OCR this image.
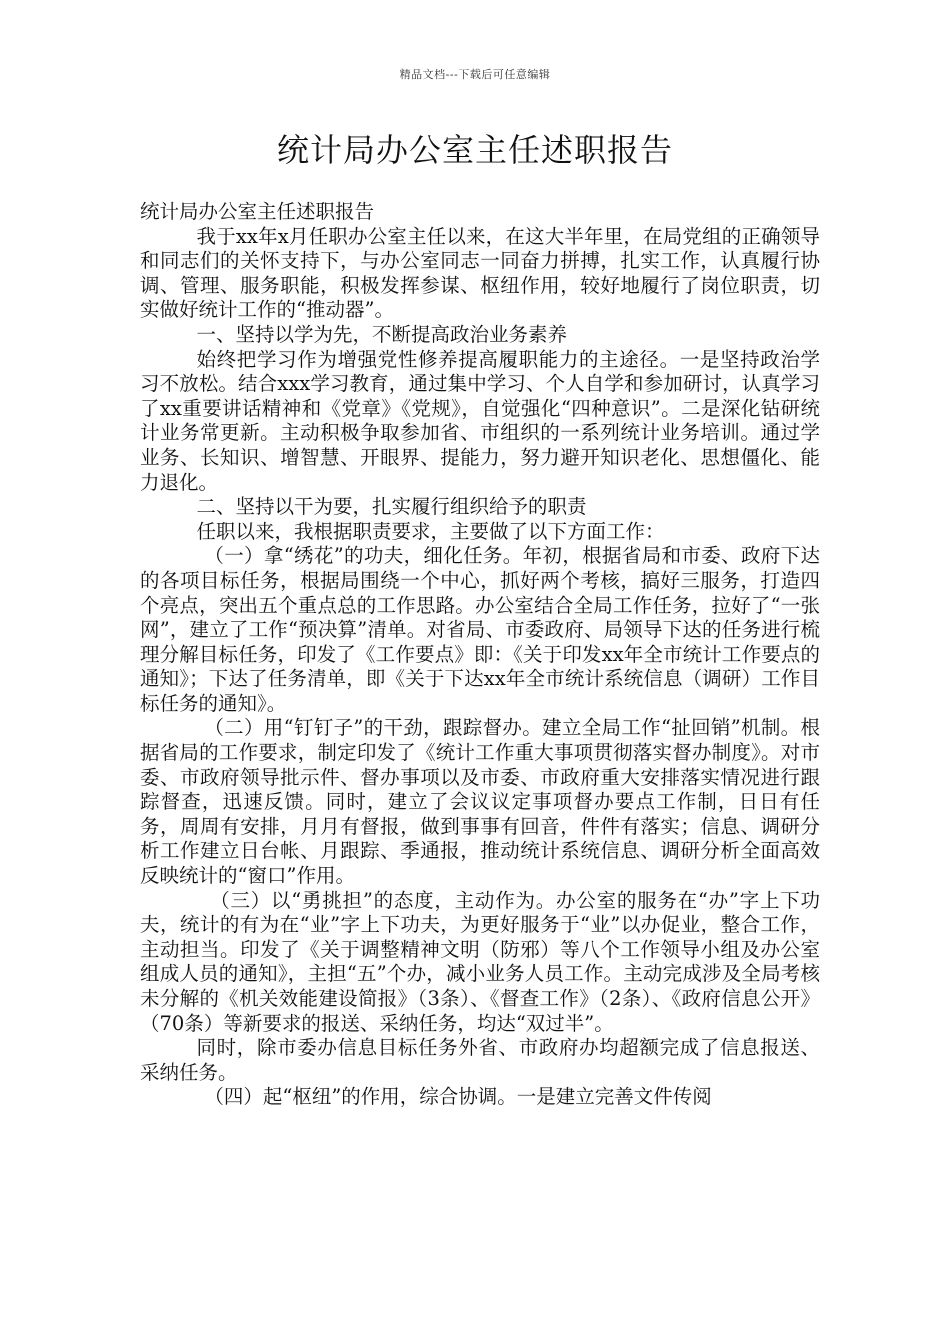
精品文档---下载后可任意编辑
统计局办公室主任述职报告

统计局办公室主任述职报告

我于xx年x月任职办公室主任以来，在这大半年里，在局党组的正确领导和同志们的关怀支持下，与办公室同志一同奋力拼搏，扎实工作，认真履行协调、管理、服务职能，积极发挥参谋、枢纽作用，较好地履行了岗位职责，切实做好统计工作的“推动器”。

一、坚持以学为先，不断提高政治业务素养

始终把学习作为增强党性修养提高履职能力的主途径。一是坚持政治学习不放松。结合xxx学习教育，通过集中学习、个人自学和参加研讨，认真学习了xx重要讲话精神和《党章》《党规》，自觉强化“四种意识”。二是深化钻研统计业务常更新。主动积极争取参加省、市组织的一系列统计业务培训。通过学业务、长知识、增智慧、开眼界、提能力，努力避开知识老化、思想僵化、能力退化。

二、坚持以干为要，扎实履行组织给予的职责

任职以来，我根据职责要求，主要做了以下方面工作：

（一）拿“绣花”的功夫，细化任务。年初，根据省局和市委、政府下达的各项目标任务，根据局围绕一个中心，抓好两个考核，搞好三服务，打造四个亮点，突出五个重点总的工作思路。办公室结合全局工作任务，拉好了“一张网”，建立了工作“预决算”清单。对省局、市委政府、局领导下达的任务进行梳理分解目标任务，印发了《工作要点》即：《关于印发xx年全市统计工作要点的通知》；下达了任务清单，即《关于下达xx年全市统计系统信息（调研）工作目标任务的通知》。

（二）用“钉钉子”的干劲，跟踪督办。建立全局工作“扯回销”机制。根据省局的工作要求，制定印发了《统计工作重大事项贯彻落实督办制度》。对市委、市政府领导批示件、督办事项以及市委、市政府重大安排落实情况进行跟踪督查，迅速反馈。同时，建立了会议议定事项督办要点工作制，日日有任务，周周有安排，月月有督报，做到事事有回音，件件有落实；信息、调研分析工作建立日台帐、月跟踪、季通报，推动统计系统信息、调研分析全面高效反映统计的“窗口”作用。

（三）以“勇挑担”的态度，主动作为。办公室的服务在“办”字上下功夫，统计的有为在“业”字上下功夫，为更好服务于“业”以办促业，整合工作，主动担当。印发了《关于调整精神文明（防邪）等八个工作领导小组及办公室组成人员的通知》，主担“五”个办，减小业务人员工作。主动完成涉及全局考核未分解的《机关效能建设简报》（3条）、《督查工作》（2条）、《政府信息公开》（70条）等新要求的报送、采纳任务，均达“双过半”。

同时，除市委办信息目标任务外省、市政府办均超额完成了信息报送、采纳任务。

（四）起“枢纽”的作用，综合协调。一是建立完善文件传阅
